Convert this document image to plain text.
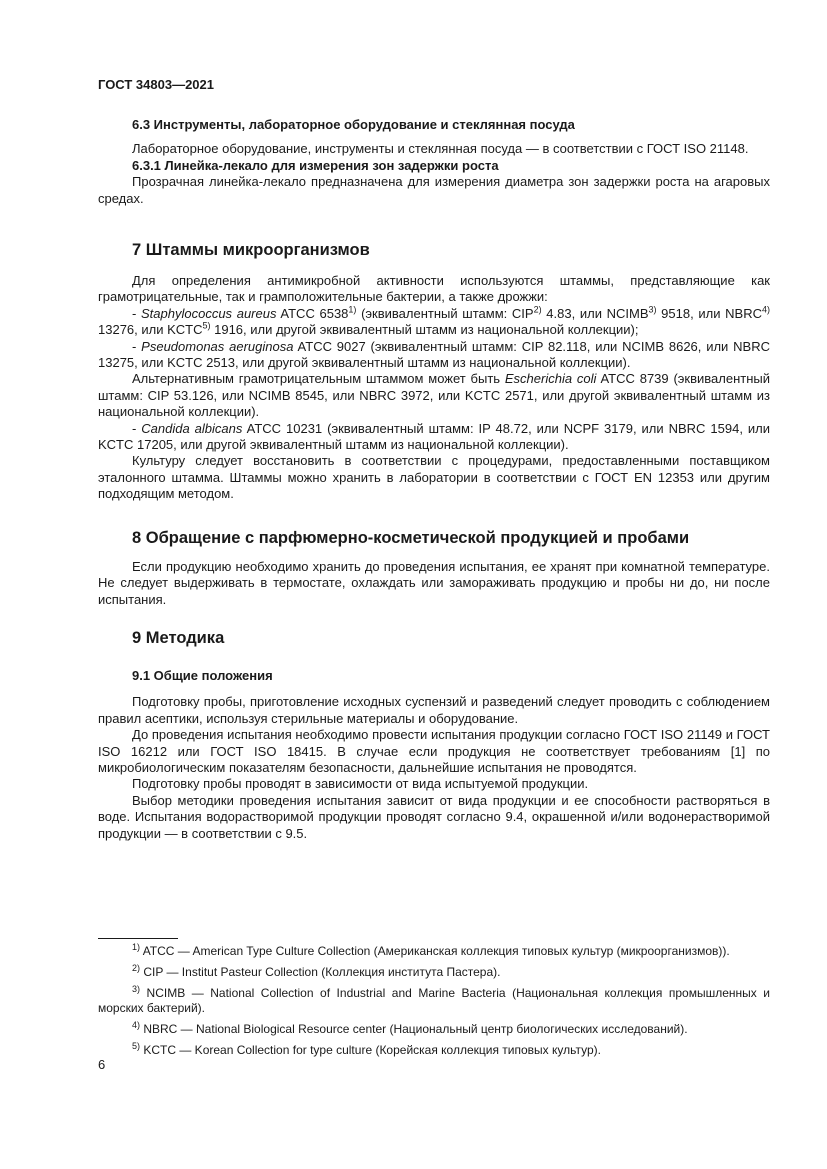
ГОСТ 34803—2021

6.3 Инструменты, лабораторное оборудование и стеклянная посуда

Лабораторное оборудование, инструменты и стеклянная посуда — в соответствии с ГОСТ ISO 21148.

6.3.1 Линейка-лекало для измерения зон задержки роста

Прозрачная линейка-лекало предназначена для измерения диаметра зон задержки роста на агаровых средах.

7 Штаммы микроорганизмов

Для определения антимикробной активности используются штаммы, представляющие как грамотрицательные, так и грамположительные бактерии, а также дрожжи:

- Staphylococcus aureus ATCC 6538$^{1)}$ (эквивалентный штамм: CIP$^{2)}$ 4.83, или NCIMB$^{3)}$ 9518, или NBRC$^{4)}$ 13276, или KCTC$^{5)}$ 1916, или другой эквивалентный штамм из национальной коллекции);

- Pseudomonas aeruginosa ATCC 9027 (эквивалентный штамм: CIP 82.118, или NCIMB 8626, или NBRC 13275, или KCTC 2513, или другой эквивалентный штамм из национальной коллекции).

Альтернативным грамотрицательным штаммом может быть Escherichia coli ATCC 8739 (эквивалентный штамм: CIP 53.126, или NCIMB 8545, или NBRC 3972, или KCTC 2571, или другой эквивалентный штамм из национальной коллекции).

- Candida albicans ATCC 10231 (эквивалентный штамм: IP 48.72, или NCPF 3179, или NBRC 1594, или KCTC 17205, или другой эквивалентный штамм из национальной коллекции).

Культуру следует восстановить в соответствии с процедурами, предоставленными поставщиком эталонного штамма. Штаммы можно хранить в лаборатории в соответствии с ГОСТ EN 12353 или другим подходящим методом.

8 Обращение с парфюмерно-косметической продукцией и пробами

Если продукцию необходимо хранить до проведения испытания, ее хранят при комнатной температуре. Не следует выдерживать в термостате, охлаждать или замораживать продукцию и пробы ни до, ни после испытания.

9 Методика

9.1 Общие положения

Подготовку пробы, приготовление исходных суспензий и разведений следует проводить с соблюдением правил асептики, используя стерильные материалы и оборудование.

До проведения испытания необходимо провести испытания продукции согласно ГОСТ ISO 21149 и ГОСТ ISO 16212 или ГОСТ ISO 18415. В случае если продукция не соответствует требованиям [1] по микробиологическим показателям безопасности, дальнейшие испытания не проводятся.

Подготовку пробы проводят в зависимости от вида испытуемой продукции.

Выбор методики проведения испытания зависит от вида продукции и ее способности растворяться в воде. Испытания водорастворимой продукции проводят согласно 9.4, окрашенной и/или водонерастворимой продукции — в соответствии с 9.5.

$^{1)}$ ATCC — American Type Culture Collection (Американская коллекция типовых культур (микроорганизмов)).

$^{2)}$ CIP — Institut Pasteur Collection (Коллекция института Пастера).

$^{3)}$ NCIMB — National Collection of Industrial and Marine Bacteria (Национальная коллекция промышленных и морских бактерий).

$^{4)}$ NBRC — National Biological Resource center (Национальный центр биологических исследований).

$^{5)}$ KCTC — Korean Collection for type culture (Корейская коллекция типовых культур).

6
